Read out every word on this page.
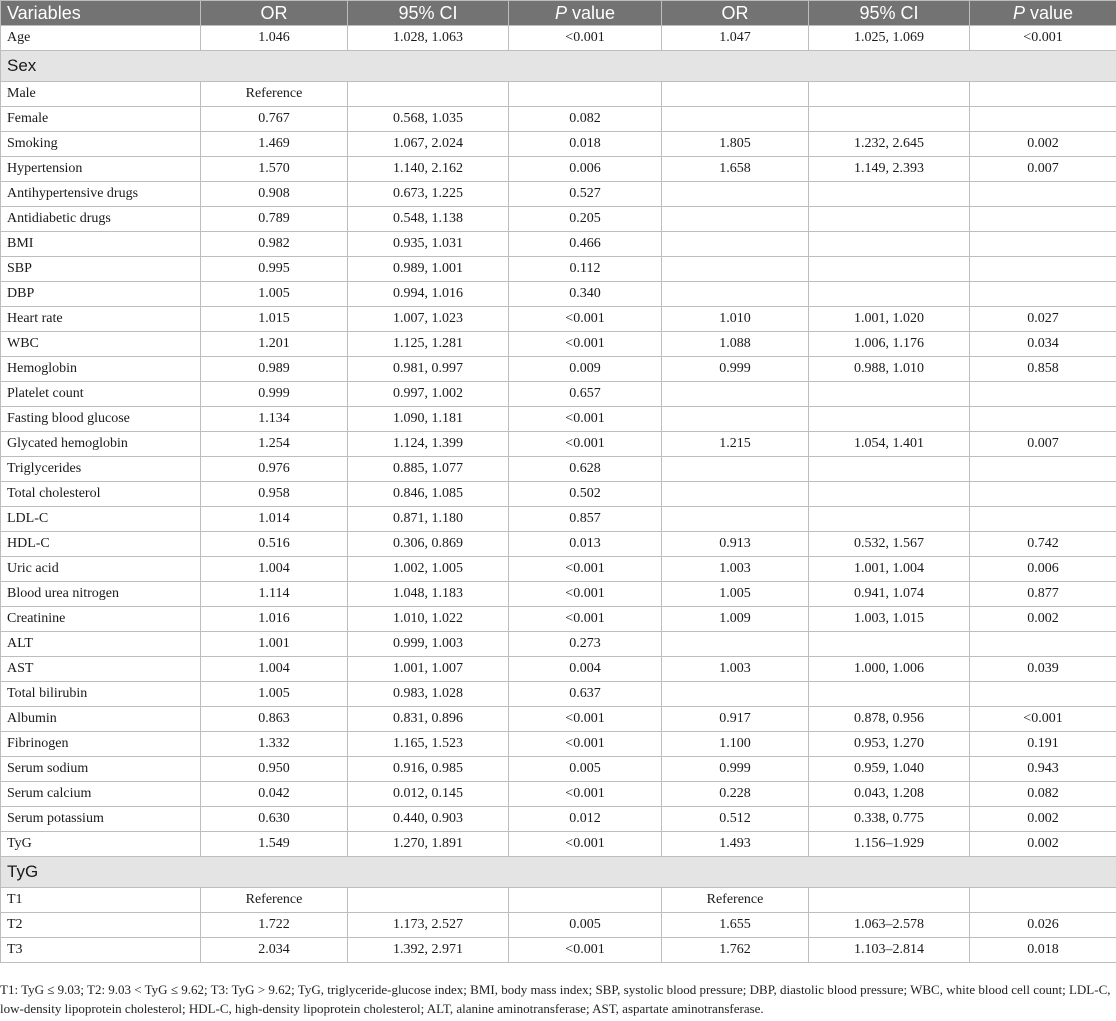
Variables	OR	95% CI	P value	OR	95% CI	P value
Age	1.046	1.028, 1.063	<0.001	1.047	1.025, 1.069	<0.001
Sex						
Male	Reference					
Female	0.767	0.568, 1.035	0.082			
Smoking	1.469	1.067, 2.024	0.018	1.805	1.232, 2.645	0.002
Hypertension	1.570	1.140, 2.162	0.006	1.658	1.149, 2.393	0.007
Antihypertensive drugs	0.908	0.673, 1.225	0.527			
Antidiabetic drugs	0.789	0.548, 1.138	0.205			
BMI	0.982	0.935, 1.031	0.466			
SBP	0.995	0.989, 1.001	0.112			
DBP	1.005	0.994, 1.016	0.340			
Heart rate	1.015	1.007, 1.023	<0.001	1.010	1.001, 1.020	0.027
WBC	1.201	1.125, 1.281	<0.001	1.088	1.006, 1.176	0.034
Hemoglobin	0.989	0.981, 0.997	0.009	0.999	0.988, 1.010	0.858
Platelet count	0.999	0.997, 1.002	0.657			
Fasting blood glucose	1.134	1.090, 1.181	<0.001			
Glycated hemoglobin	1.254	1.124, 1.399	<0.001	1.215	1.054, 1.401	0.007
Triglycerides	0.976	0.885, 1.077	0.628			
Total cholesterol	0.958	0.846, 1.085	0.502			
LDL-C	1.014	0.871, 1.180	0.857			
HDL-C	0.516	0.306, 0.869	0.013	0.913	0.532, 1.567	0.742
Uric acid	1.004	1.002, 1.005	<0.001	1.003	1.001, 1.004	0.006
Blood urea nitrogen	1.114	1.048, 1.183	<0.001	1.005	0.941, 1.074	0.877
Creatinine	1.016	1.010, 1.022	<0.001	1.009	1.003, 1.015	0.002
ALT	1.001	0.999, 1.003	0.273			
AST	1.004	1.001, 1.007	0.004	1.003	1.000, 1.006	0.039
Total bilirubin	1.005	0.983, 1.028	0.637			
Albumin	0.863	0.831, 0.896	<0.001	0.917	0.878, 0.956	<0.001
Fibrinogen	1.332	1.165, 1.523	<0.001	1.100	0.953, 1.270	0.191
Serum sodium	0.950	0.916, 0.985	0.005	0.999	0.959, 1.040	0.943
Serum calcium	0.042	0.012, 0.145	<0.001	0.228	0.043, 1.208	0.082
Serum potassium	0.630	0.440, 0.903	0.012	0.512	0.338, 0.775	0.002
TyG	1.549	1.270, 1.891	<0.001	1.493	1.156–1.929	0.002
TyG						
T1	Reference			Reference		
T2	1.722	1.173, 2.527	0.005	1.655	1.063–2.578	0.026
T3	2.034	1.392, 2.971	<0.001	1.762	1.103–2.814	0.018

T1: TyG ≤ 9.03; T2: 9.03 < TyG ≤ 9.62; T3: TyG > 9.62; TyG, triglyceride-glucose index; BMI, body mass index; SBP, systolic blood pressure; DBP, diastolic blood pressure; WBC, white blood cell count; LDL-C, low-density lipoprotein cholesterol; HDL-C, high-density lipoprotein cholesterol; ALT, alanine aminotransferase; AST, aspartate aminotransferase.
